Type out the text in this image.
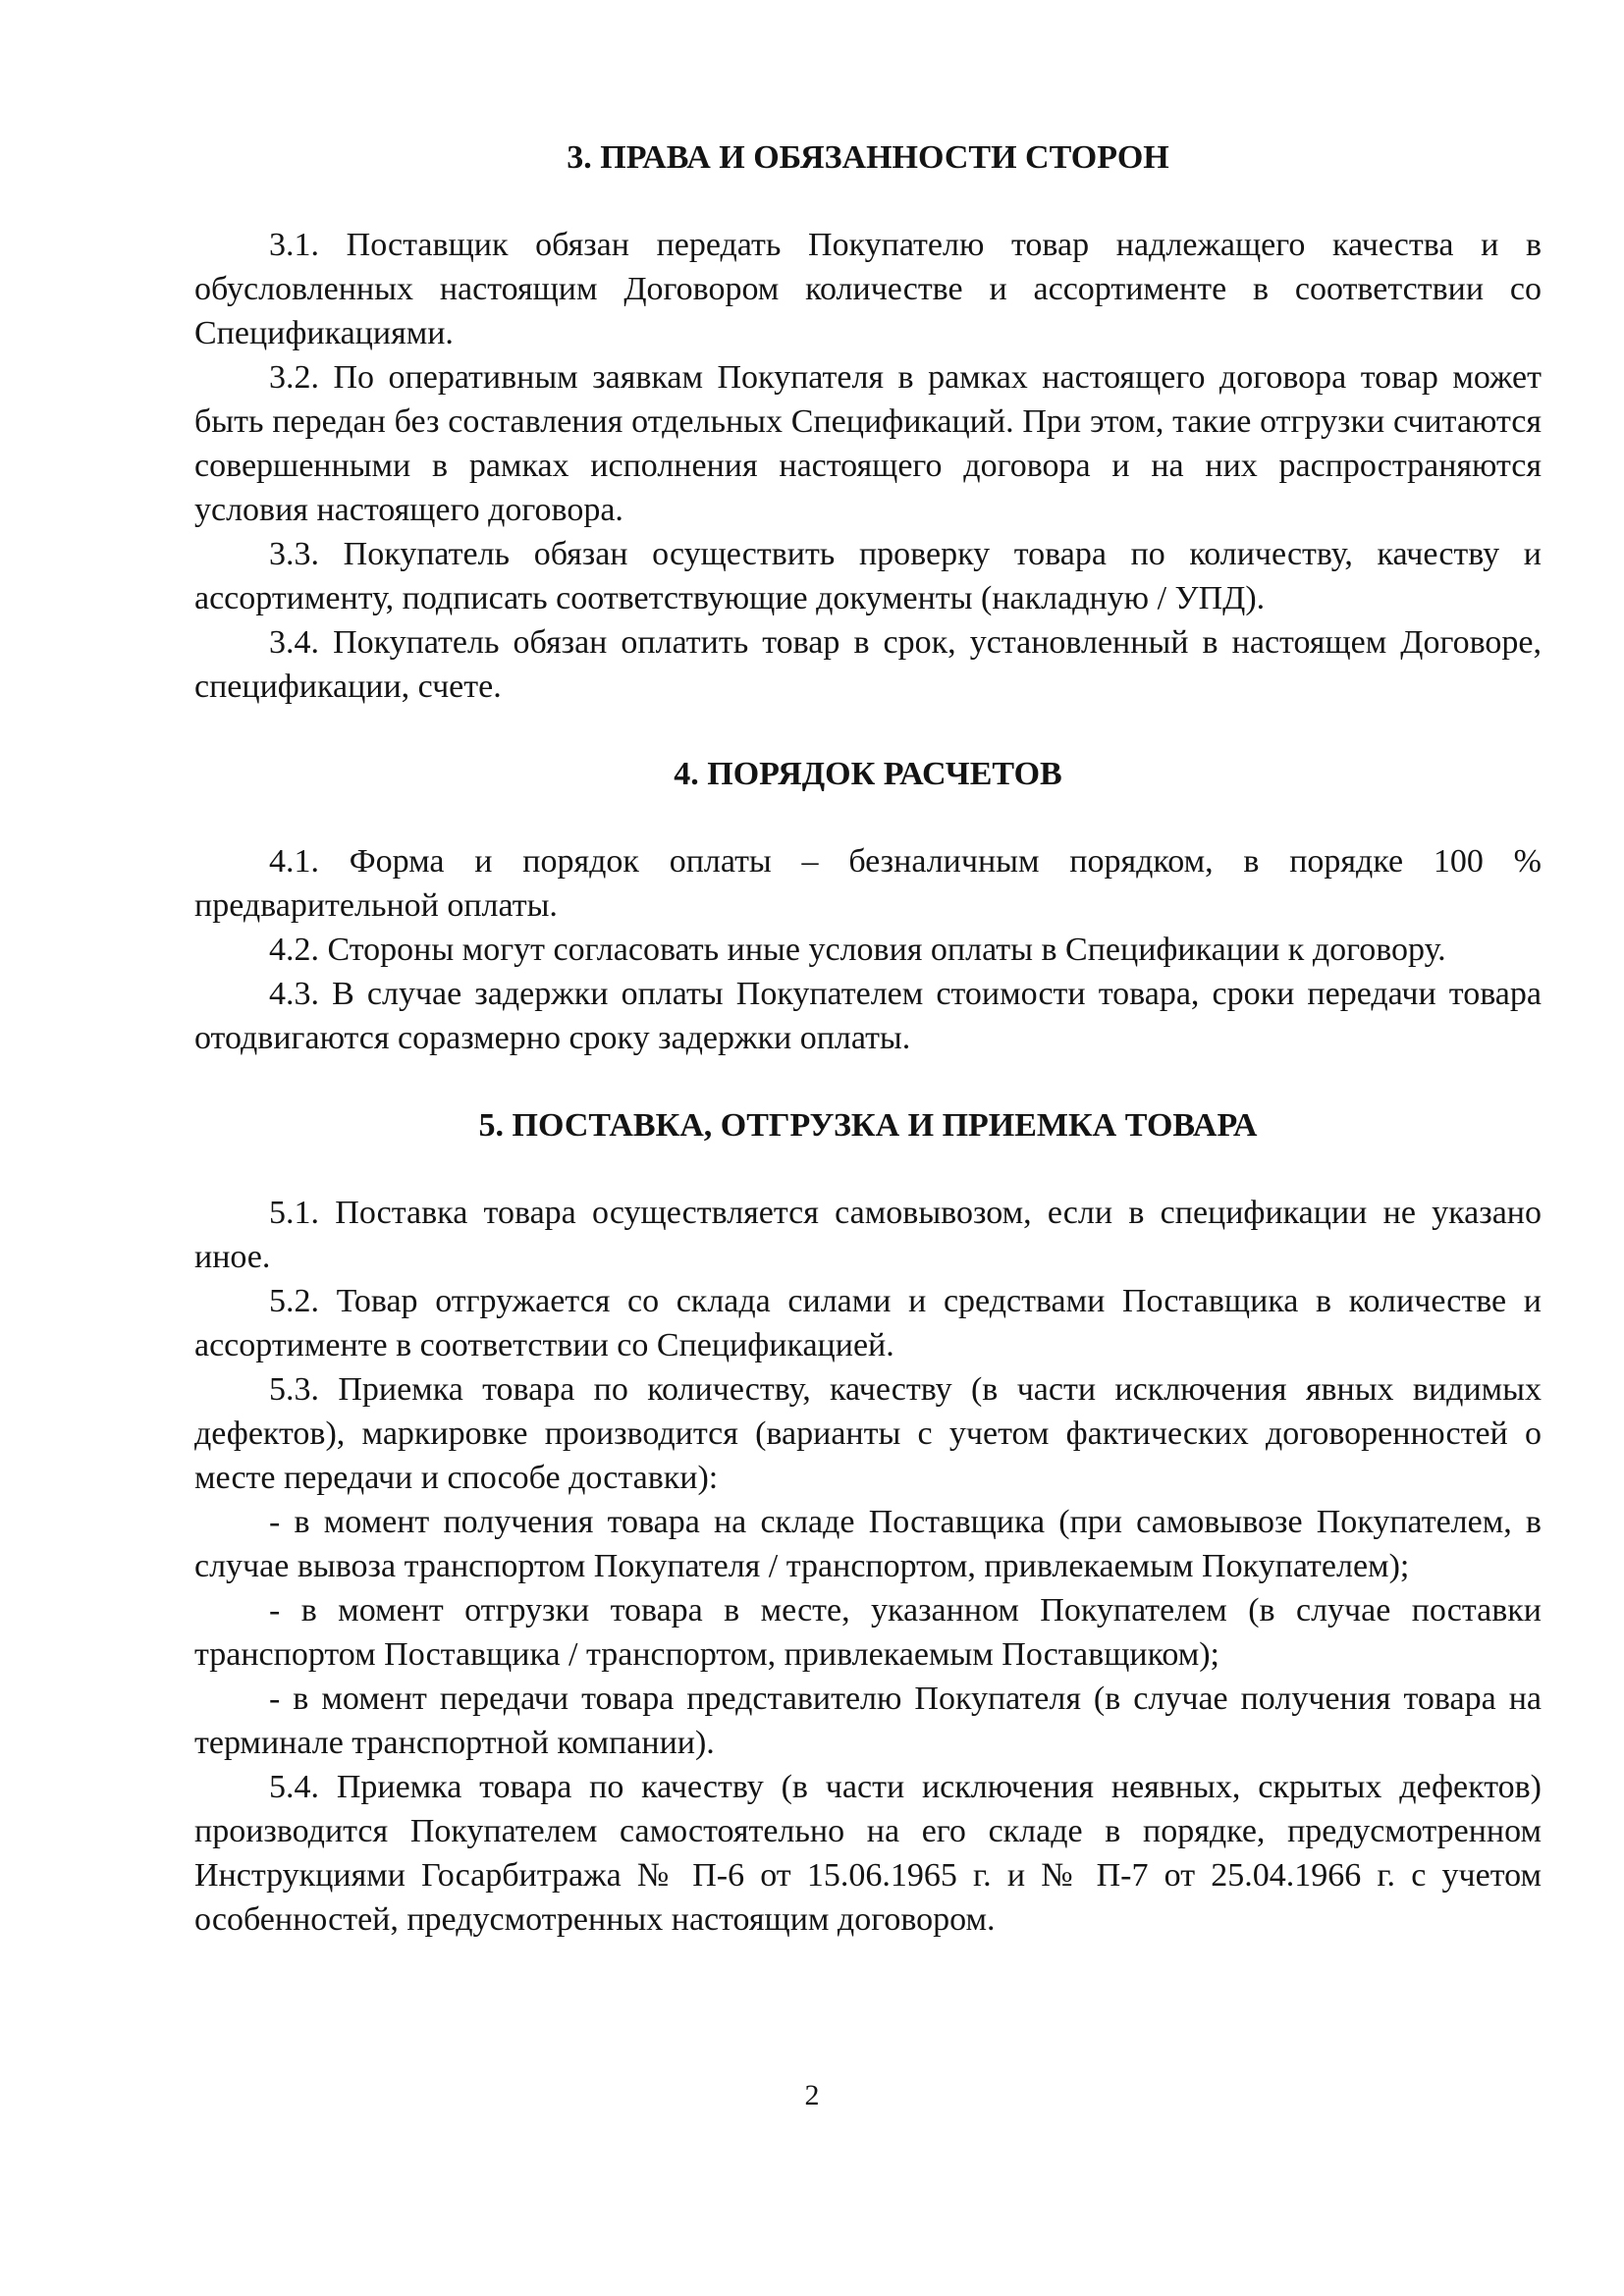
3. ПРАВА И ОБЯЗАННОСТИ СТОРОН

3.1. Поставщик обязан передать Покупателю товар надлежащего качества и в обусловленных настоящим Договором количестве и ассортименте в соответствии со Спецификациями.

3.2. По оперативным заявкам Покупателя в рамках настоящего договора товар может быть передан без составления отдельных Спецификаций. При этом, такие отгрузки считаются совершенными в рамках исполнения настоящего договора и на них распространяются условия настоящего договора.

3.3. Покупатель обязан осуществить проверку товара по количеству, качеству и ассортименту, подписать соответствующие документы (накладную / УПД).

3.4. Покупатель обязан оплатить товар в срок, установленный в настоящем Договоре, спецификации, счете.

4. ПОРЯДОК РАСЧЕТОВ

4.1. Форма и порядок оплаты – безналичным порядком, в порядке 100 % предварительной оплаты.

4.2. Стороны могут согласовать иные условия оплаты в Спецификации к договору.

4.3. В случае задержки оплаты Покупателем стоимости товара, сроки передачи товара отодвигаются соразмерно сроку задержки оплаты.

5. ПОСТАВКА, ОТГРУЗКА И ПРИЕМКА ТОВАРА

5.1. Поставка товара осуществляется самовывозом, если в спецификации не указано иное.

5.2. Товар отгружается со склада силами и средствами Поставщика в количестве и ассортименте в соответствии со Спецификацией.

5.3. Приемка товара по количеству, качеству (в части исключения явных видимых дефектов), маркировке производится (варианты с учетом фактических договоренностей о месте передачи и способе доставки):

- в момент получения товара на складе Поставщика (при самовывозе Покупателем, в случае вывоза транспортом Покупателя / транспортом, привлекаемым Покупателем);

- в момент отгрузки товара в месте, указанном Покупателем (в случае поставки транспортом Поставщика / транспортом, привлекаемым Поставщиком);

- в момент передачи товара представителю Покупателя (в случае получения товара на терминале транспортной компании).

5.4. Приемка товара по качеству (в части исключения неявных, скрытых дефектов) производится Покупателем самостоятельно на его складе в порядке, предусмотренном Инструкциями Госарбитража № П-6 от 15.06.1965 г. и № П-7 от 25.04.1966 г. с учетом особенностей, предусмотренных настоящим договором.

2
